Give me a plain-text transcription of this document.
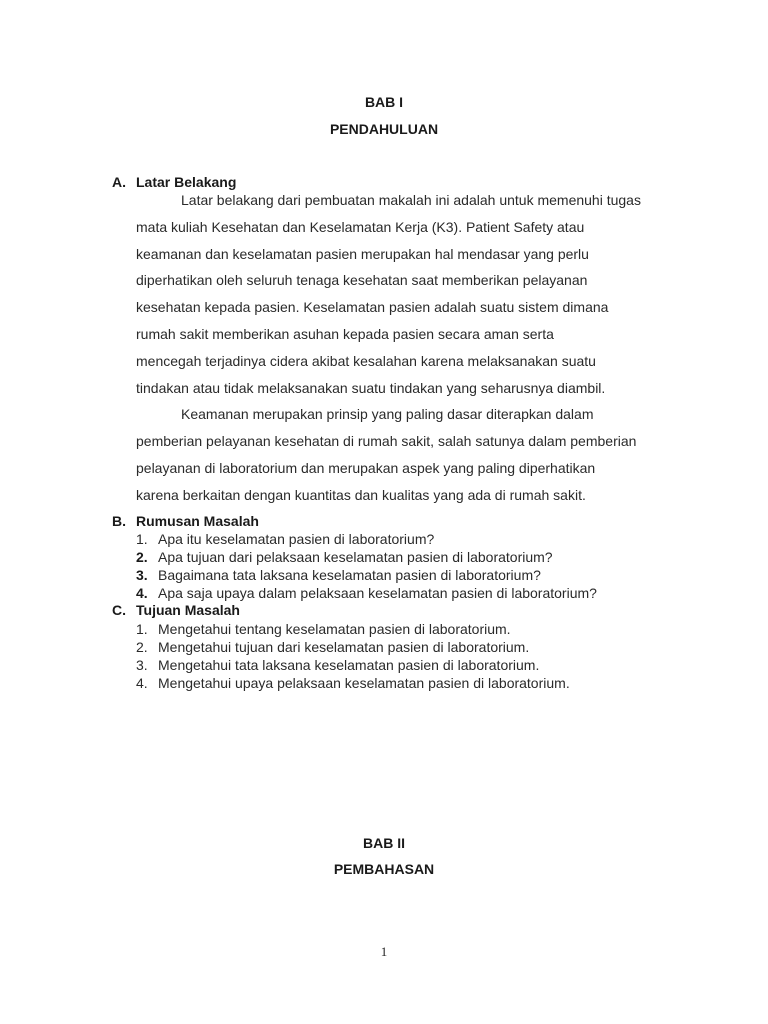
BAB I
PENDAHULUAN
A. Latar Belakang
Latar belakang dari pembuatan makalah ini adalah untuk memenuhi tugas
mata kuliah Kesehatan dan Keselamatan Kerja (K3). Patient Safety atau
keamanan dan keselamatan pasien merupakan hal mendasar yang perlu
diperhatikan oleh seluruh tenaga kesehatan saat memberikan pelayanan
kesehatan kepada pasien. Keselamatan pasien adalah suatu sistem dimana
rumah sakit memberikan asuhan kepada pasien secara aman serta
mencegah terjadinya cidera akibat kesalahan karena melaksanakan suatu
tindakan atau tidak melaksanakan suatu tindakan yang seharusnya diambil.
Keamanan merupakan prinsip yang paling dasar diterapkan dalam
pemberian pelayanan kesehatan di rumah sakit, salah satunya dalam pemberian
pelayanan di laboratorium dan merupakan aspek yang paling diperhatikan
karena berkaitan dengan kuantitas dan kualitas yang ada di rumah sakit.
B. Rumusan Masalah
1. Apa itu keselamatan pasien di laboratorium?
2. Apa tujuan dari pelaksaan keselamatan pasien di laboratorium?
3. Bagaimana tata laksana keselamatan pasien di laboratorium?
4. Apa saja upaya dalam pelaksaan keselamatan pasien di laboratorium?
C. Tujuan Masalah
1. Mengetahui tentang keselamatan pasien di laboratorium.
2. Mengetahui tujuan dari keselamatan pasien di laboratorium.
3. Mengetahui tata laksana keselamatan pasien di laboratorium.
4. Mengetahui upaya pelaksaan keselamatan pasien di laboratorium.
BAB II
PEMBAHASAN
1
